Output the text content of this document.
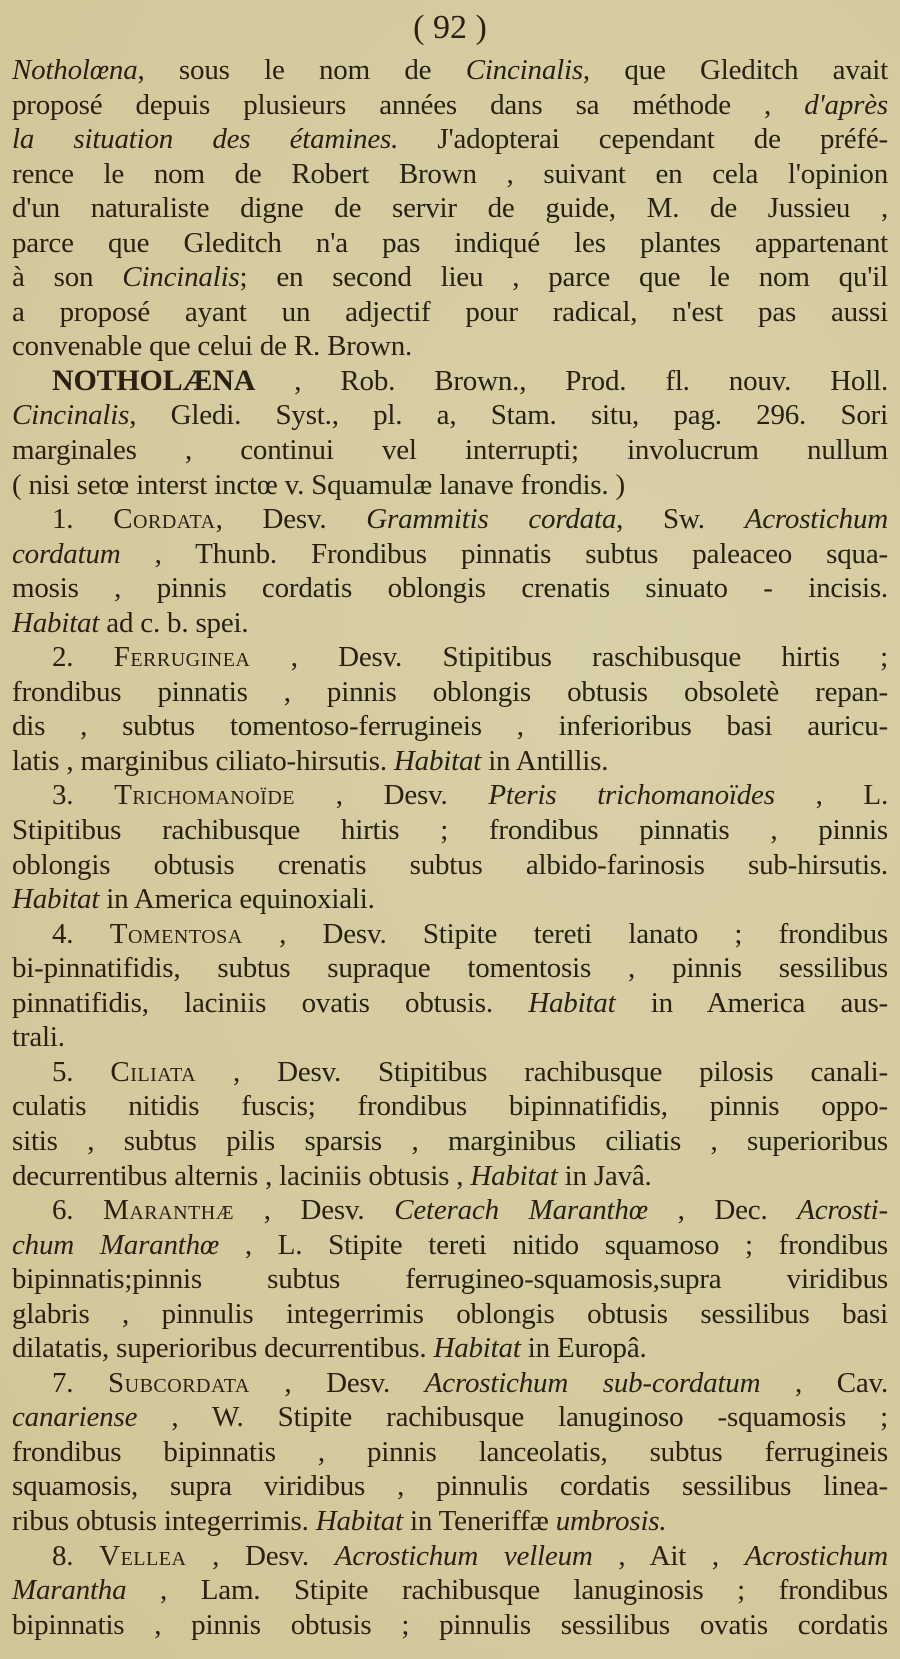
( 92 )
Notholœna, sous le nom de Cincinalis, que Gleditch avait
proposé depuis plusieurs années dans sa méthode , d'après
la situation des étamines. J'adopterai cependant de préfé-
rence le nom de Robert Brown , suivant en cela l'opinion
d'un naturaliste digne de servir de guide, M. de Jussieu ,
parce que Gleditch n'a pas indiqué les plantes appartenant
à son Cincinalis; en second lieu , parce que le nom qu'il
a proposé ayant un adjectif pour radical, n'est pas aussi
convenable que celui de R. Brown.
NOTHOLÆNA , Rob. Brown., Prod. fl. nouv. Holl.
Cincinalis, Gledi. Syst., pl. a, Stam. situ, pag. 296. Sori
marginales , continui vel interrupti; involucrum nullum
( nisi setœ interst inctœ v. Squamulæ lanave frondis. )
1. Cordata, Desv. Grammitis cordata, Sw. Acrostichum
cordatum , Thunb. Frondibus pinnatis subtus paleaceo squa-
mosis , pinnis cordatis oblongis crenatis sinuato - incisis.
Habitat ad c. b. spei.
2. Ferruginea , Desv. Stipitibus raschibusque hirtis ;
frondibus pinnatis , pinnis oblongis obtusis obsoletè repan-
dis , subtus tomentoso-ferrugineis , inferioribus basi auricu-
latis , marginibus ciliato-hirsutis. Habitat in Antillis.
3. Trichomanoïde , Desv. Pteris trichomanoïdes , L.
Stipitibus rachibusque hirtis ; frondibus pinnatis , pinnis
oblongis obtusis crenatis subtus albido-farinosis sub-hirsutis.
Habitat in America equinoxiali.
4. Tomentosa , Desv. Stipite tereti lanato ; frondibus
bi-pinnatifidis, subtus supraque tomentosis , pinnis sessilibus
pinnatifidis, laciniis ovatis obtusis. Habitat in America aus-
trali.
5. Ciliata , Desv. Stipitibus rachibusque pilosis canali-
culatis nitidis fuscis; frondibus bipinnatifidis, pinnis oppo-
sitis , subtus pilis sparsis , marginibus ciliatis , superioribus
decurrentibus alternis , laciniis obtusis , Habitat in Javâ.
6. Maranthæ , Desv. Ceterach Maranthœ , Dec. Acrosti-
chum Maranthœ , L. Stipite tereti nitido squamoso ; frondibus
bipinnatis;pinnis subtus ferrugineo-squamosis,supra viridibus
glabris , pinnulis integerrimis oblongis obtusis sessilibus basi
dilatatis, superioribus decurrentibus. Habitat in Europâ.
7. Subcordata , Desv. Acrostichum sub-cordatum , Cav.
canariense , W. Stipite rachibusque lanuginoso -squamosis ;
frondibus bipinnatis , pinnis lanceolatis, subtus ferrugineis
squamosis, supra viridibus , pinnulis cordatis sessilibus linea-
ribus obtusis integerrimis. Habitat in Teneriffæ umbrosis.
8. Vellea , Desv. Acrostichum velleum , Ait , Acrostichum
Marantha , Lam. Stipite rachibusque lanuginosis ; frondibus
bipinnatis , pinnis obtusis ; pinnulis sessilibus ovatis cordatis
